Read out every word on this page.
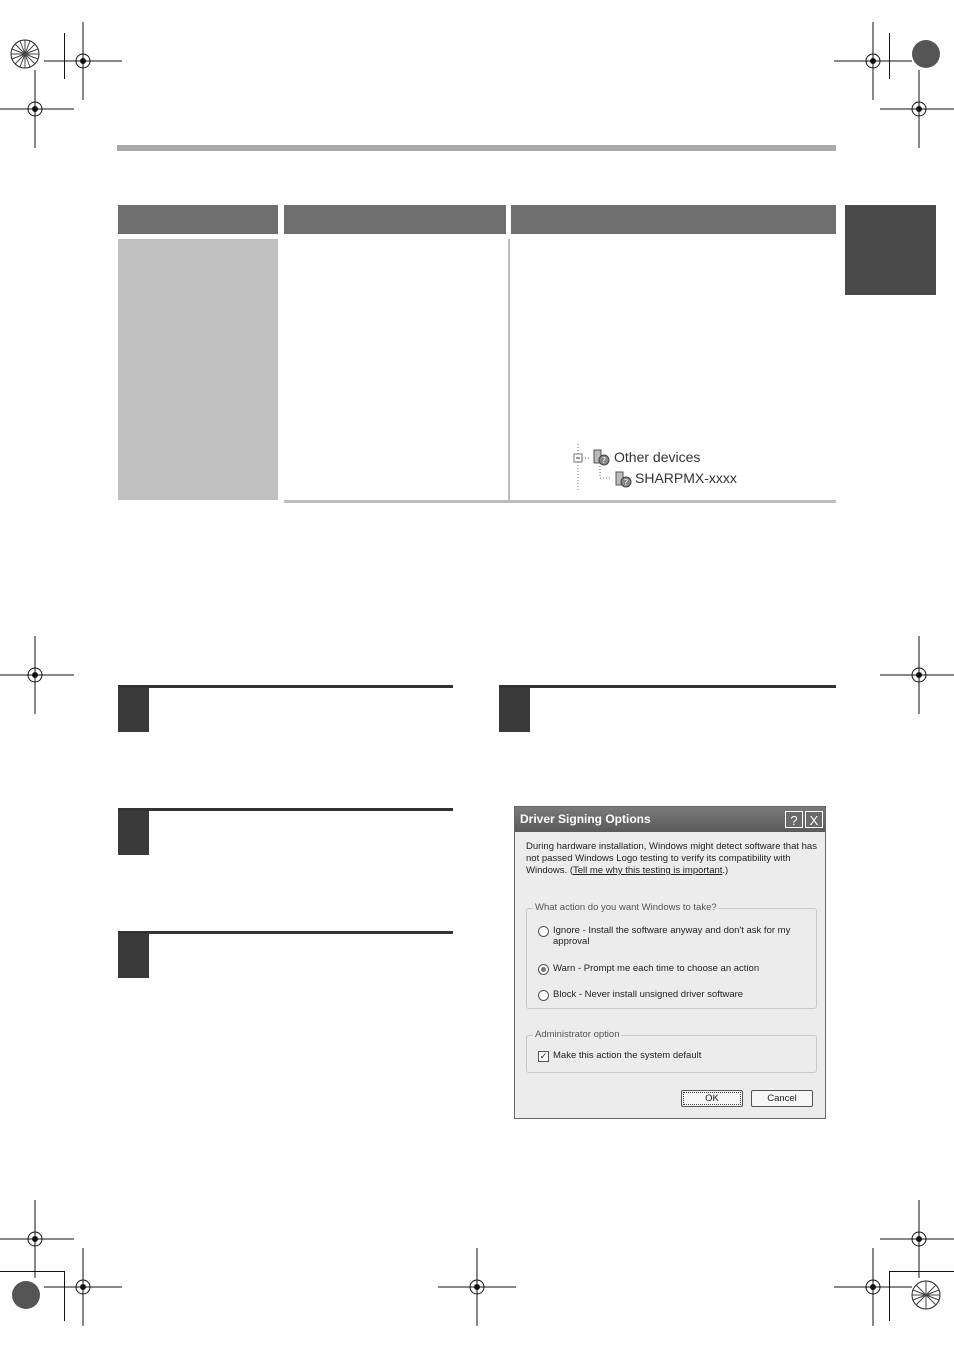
? Other devices
? SHARPMX-xxxx
Driver Signing Options	? X
During hardware installation, Windows might detect software that has not passed Windows Logo testing to verify its compatibility with Windows. (Tell me why this testing is important.)
What action do you want Windows to take?
Ignore - Install the software anyway and don't ask for my approval
Warn - Prompt me each time to choose an action
Block - Never install unsigned driver software
Administrator option
✓ Make this action the system default
OK	Cancel
